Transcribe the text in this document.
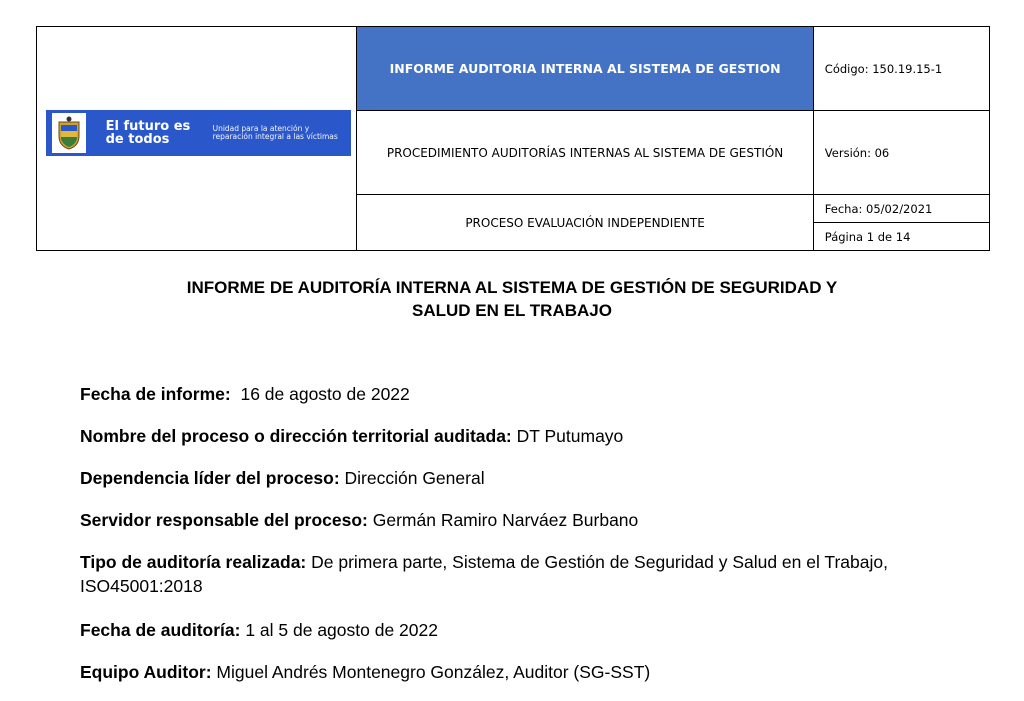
El futuro es de todos
Unidad para la atención y reparación integral a las víctimas	INFORME AUDITORIA INTERNA AL SISTEMA DE GESTION	Código: 150.19.15-1
	PROCEDIMIENTO AUDITORÍAS INTERNAS AL SISTEMA DE GESTIÓN	Versión: 06
	PROCESO EVALUACIÓN INDEPENDIENTE	Fecha: 05/02/2021
		Página 1 de 14
INFORME DE AUDITORÍA INTERNA AL SISTEMA DE GESTIÓN DE SEGURIDAD Y
SALUD EN EL TRABAJO
Fecha de informe:  16 de agosto de 2022
Nombre del proceso o dirección territorial auditada: DT Putumayo
Dependencia líder del proceso: Dirección General
Servidor responsable del proceso: Germán Ramiro Narváez Burbano
Tipo de auditoría realizada: De primera parte, Sistema de Gestión de Seguridad y Salud en el Trabajo, ISO45001:2018
Fecha de auditoría: 1 al 5 de agosto de 2022
Equipo Auditor: Miguel Andrés Montenegro González, Auditor (SG-SST)
